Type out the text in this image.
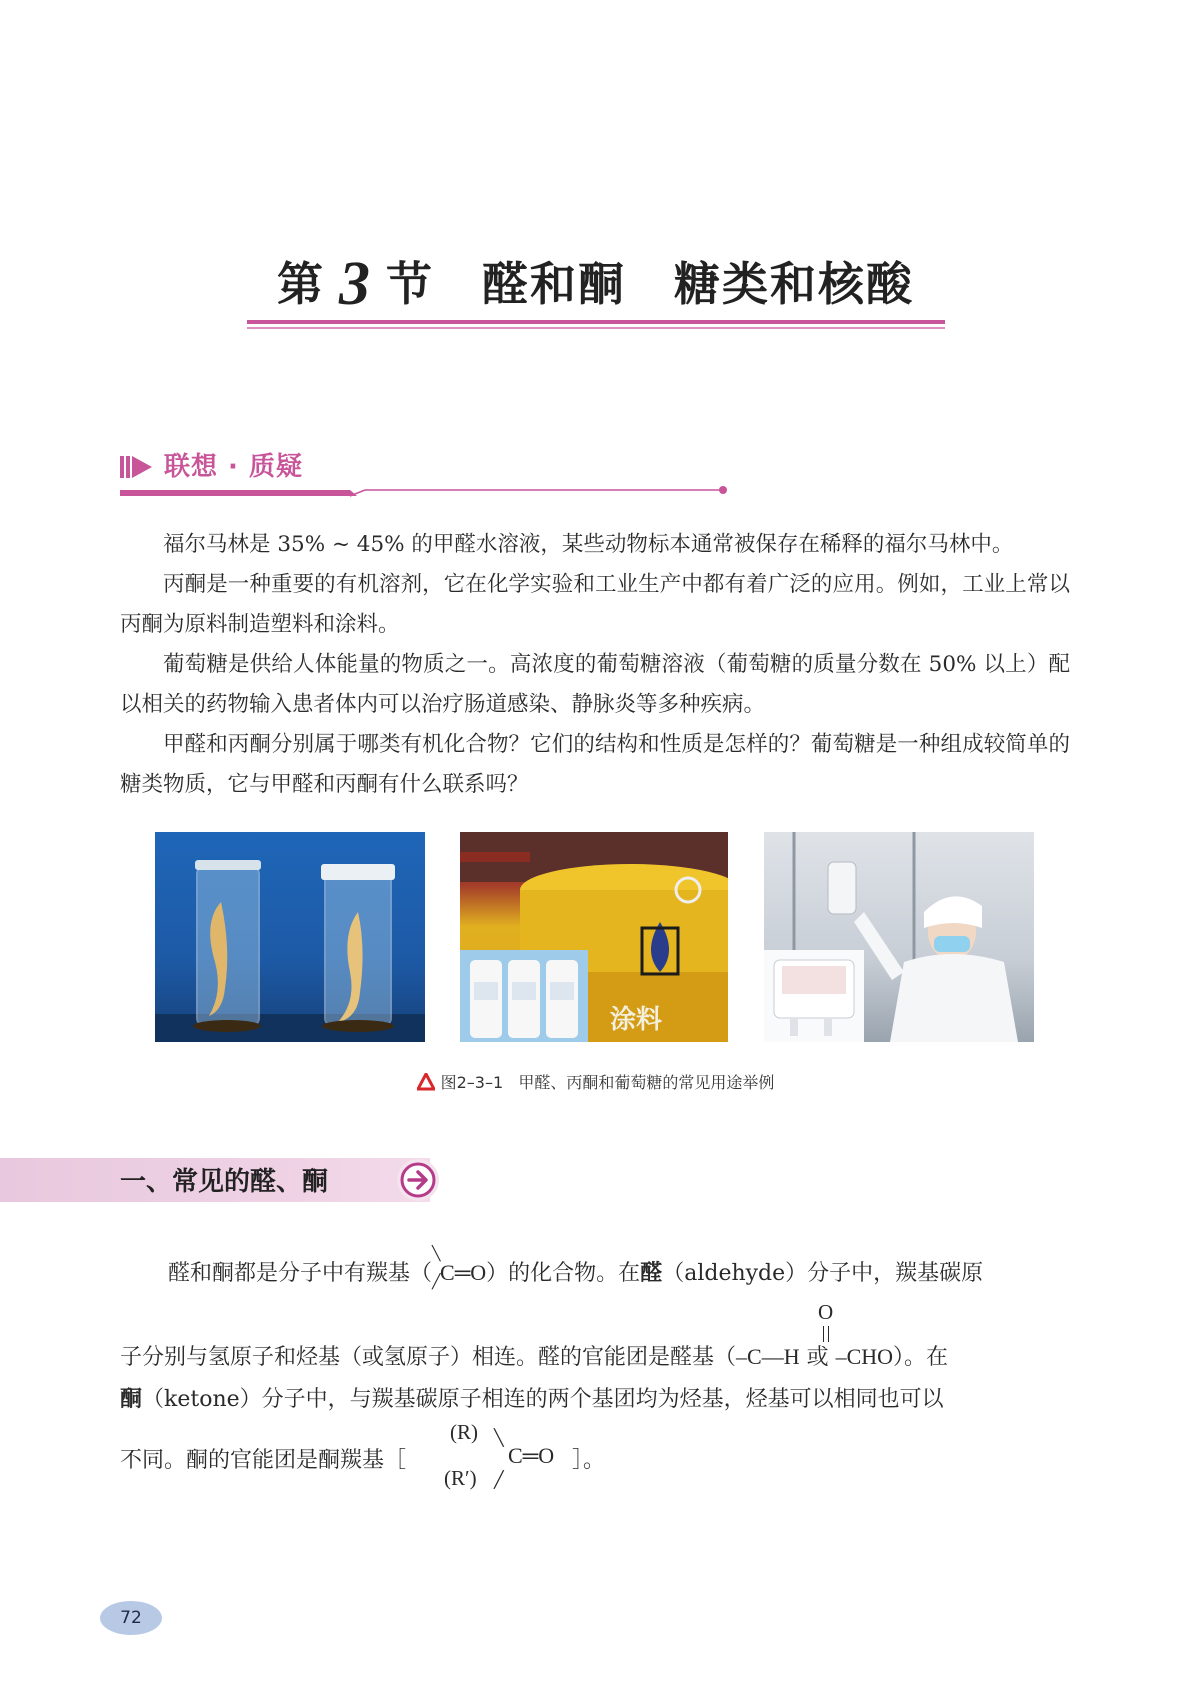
第 3 节 醛和酮 糖类和核酸
联想 · 质疑
福尔马林是 35% ~ 45% 的甲醛水溶液，某些动物标本通常被保存在稀释的福尔马林中。
丙酮是一种重要的有机溶剂，它在化学实验和工业生产中都有着广泛的应用。例如，工业上常以丙酮为原料制造塑料和涂料。
葡萄糖是供给人体能量的物质之一。高浓度的葡萄糖溶液（葡萄糖的质量分数在 50% 以上）配以相关的药物输入患者体内可以治疗肠道感染、静脉炎等多种疾病。
甲醛和丙酮分别属于哪类有机化合物？它们的结构和性质是怎样的？葡萄糖是一种组成较简单的糖类物质，它与甲醛和丙酮有什么联系吗？
涂料
图2–3–1 甲醛、丙酮和葡萄糖的常见用途举例
一、常见的醛、酮
醛和酮都是分子中有羰基（
╲
╱ C═O）的化合物。在醛（aldehyde）分子中，羰基碳原
O
子分别与氢原子和烃基（或氢原子）相连。醛的官能团是醛基（–C—H 或 –CHO）。在
酮（ketone）分子中，与羰基碳原子相连的两个基团均为烃基，烃基可以相同也可以
不同。酮的官能团是酮羰基［
(R)
(R′)
╲
╱
C═O ］。
72
